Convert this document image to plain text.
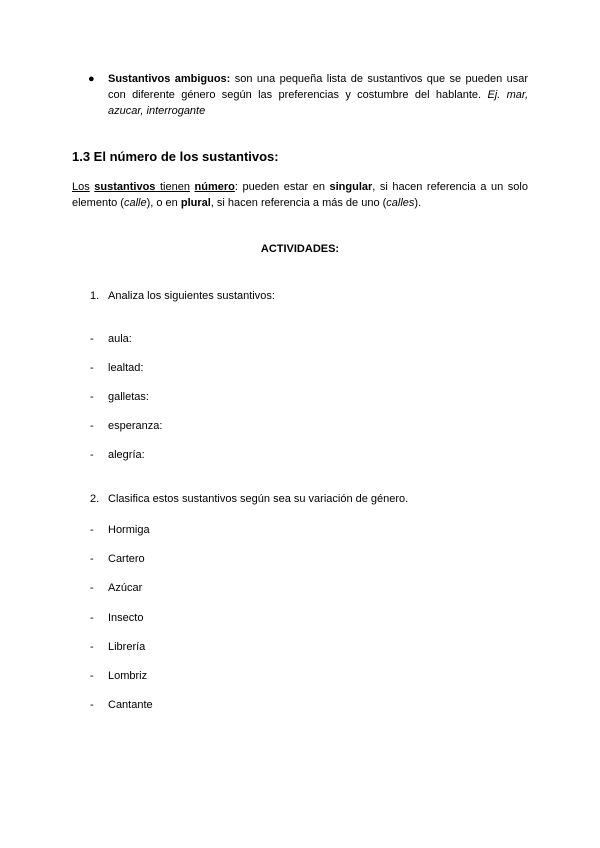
● Sustantivos ambiguos: son una pequeña lista de sustantivos que se pueden usar con diferente género según las preferencias y costumbre del hablante. Ej. mar, azucar, interrogante
1.3 El número de los sustantivos:
Los sustantivos tienen número: pueden estar en singular, si hacen referencia a un solo elemento (calle), o en plural, si hacen referencia a más de uno (calles).
ACTIVIDADES:
1. Analiza los siguientes sustantivos:
- aula:
- lealtad:
- galletas:
- esperanza:
- alegría:
2. Clasifica estos sustantivos según sea su variación de género.
- Hormiga
- Cartero
- Azúcar
- Insecto
- Librería
- Lombriz
- Cantante
